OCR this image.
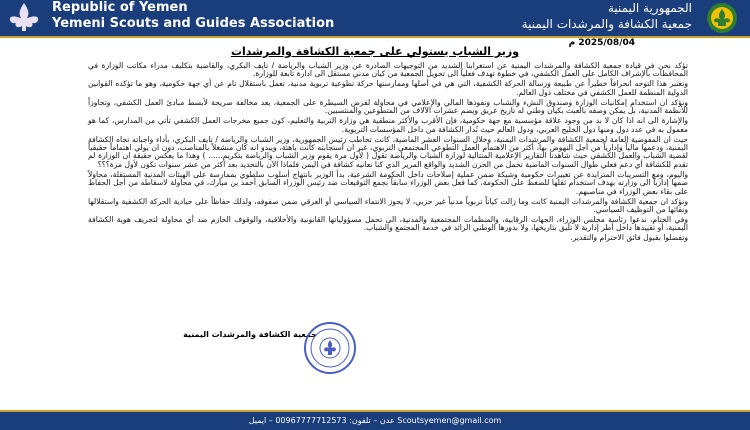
Republic of Yemen
Yemeni Scouts and Guides Association
الجمهورية اليمنية
جمعية الكشافة والمرشدات اليمنية
2025/08/04 م
وزير الشباب يستولي على جمعية الكشافة والمرشدات

تؤكد نحن في قيادة جمعية الكشافة والمرشدات اليمنية عن استغرابنا الشديد من التوجيهات الصادرة عن وزير الشباب والرياضة / نايف البكري، والقاضية بتكليف مدراء مكاتب الوزارة في المحافظات بالإشراف الكامل على العمل الكشفي، في خطوة تهدف فعلياً الى تحويل الجمعية من كيان مدني مستقل الى ادارة تابعة للوزارة.

ونعتبر هذا التوجه انحرافاً خطيراً عن طبيعة ورسالة الحركة الكشفية، التي هي في أصلها وممارستها حركة تطوعية تربوية مدنية، تعمل باستقلال تام عن أي جهة حكومية، وهو ما تؤكده القوانين الدولية المنظمة للعمل الكشفي في مختلف دول العالم.

ونؤكد ان استخدام إمكانيات الوزارة وصندوق النشء والشباب ونفوذها المالي والإعلامي في محاولة لفرض السيطرة على الجمعية، يعد مخالفة صريحة لأبسط مبادئ العمل الكشفي، وتجاوزاً للأنظمة المدنية، بل يمكن وصفه بالعبث بكيان وطني له تاريخ عريق ويضم عشرات الآلاف من المتطوعين والمنتسبين.

والإشارة الى انه اذا كان لا بد من وجود علاقة مؤسسية مع جهة حكومية، فإن الأقرب والأكثر منطقية هي وزارة التربية والتعليم، كون جميع مخرجات العمل الكشفي تأتي من المدارس، كما هو معمول به في عدد دول ومنها دول الخليج العربي، ودول العالم حيث تُدار الكشافة من داخل المؤسسات التربوية.

حيث ان المفوضية العامة لجمعية الكشافة والمرشدات اليمنية، وخلال السنوات العشر الماضية، كانت تخاطب رئيس الجمهورية، وزير الشباب والرياضة / نايف البكري، بأداء واجباته تجاه الكشافة اليمنية، ودعمها مالياً وإدارياً من أجل النهوض بها، أكثر من الاهتمام العمل التطوعي المجتمعي التربوي، غير ان استجابته كانت باهتة، ويبدو انه كان منشغلاً بالمناصب، دون ان يولي اهتماماً حقيقياً لقضية الشباب والعمل الكشفي حيث شاهدنا التقارير الإعلامية المتتالية لوزارة الشباب والرياضة تقول ( لأول مرة يقوم وزير الشباب والرياضة بتكريم...... ) وهذا ما يعكس حقيقة ان الوزارة لم تقدم للكشافة أي دعم فعلي طوال السنوات الماضية تحمل من الحزن الشديد والواقع المرير الذي كنا نعانيه كشافة في اليمن فلماذا الآن بالتحديد بعد أكثر من عشر سنوات تكون لأول مرة؟؟؟

واليوم، ومع التسريبات المتزايدة عن تغييرات حكومية وشيكة ضمن عملية إصلاحات داخل الحكومة الشرعية، بدأ الوزير بانتهاج أسلوب سلطوي بممارسة على الهيئات المدنية المستقلة، محاولاً ضمها إدارياً الى وزارته بهدف استخدام ثقلها للضغط على الحكومة، كما فعل بعض الوزراء سابقاً بجمع التوقيعات ضد رئيس الوزراء السابق أحمد بن مبارك، في محاولة لاسقاطه من أجل الحفاظ على بقاء بعض الوزراء في مناصبهم.

ونؤكد ان جمعية الكشافة والمرشدات اليمنية كانت وما زالت كياناً تربوياً مدنياً غير حزبي، لا يجوز الانتماء السياسي أو العرقي ضمن صفوفه، ولذلك حفاظاً على حيادية الحركة الكشفية واستقلالها ونقائها من التوظيف السياسي.

وفي الختام، ندعوا رئاسة مجلس الوزراء، الجهات الرقابية، والمنظمات المجتمعية والمدنية، الى تحمل مسؤولياتها القانونية والأخلاقية، والوقوف الحازم ضد أي محاولة لتجريف هوية الكشافة اليمنية، أو تقييدها داخل أطر إدارية لا تليق بتاريخها، ولا بدورها الوطني الرائد في خدمة المجتمع والشباب.

وتفضلوا بقبول فائق الاحترام والتقدير.

جمعية الكشافة والمرشدات اليمنية
عدن – تلفون: 00967777712573 – ايميل Scoutsyemen@gmail.com
